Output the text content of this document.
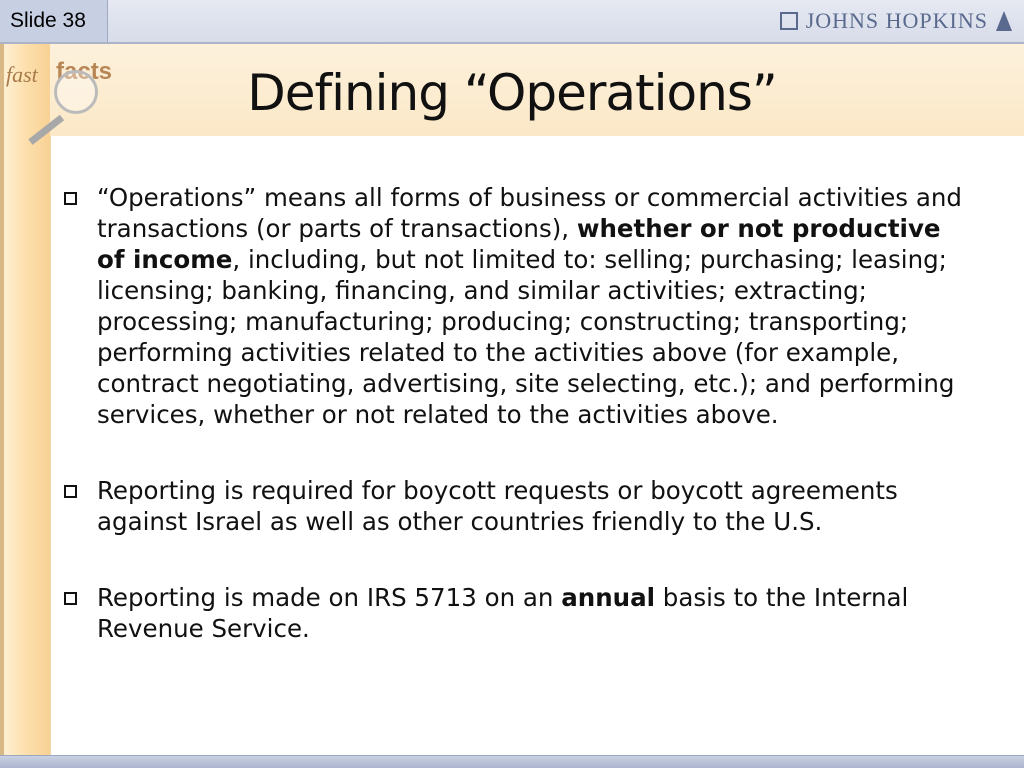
Slide 38	JOHNS HOPKINS
fast facts	Defining “Operations”
“Operations” means all forms of business or commercial activities and transactions (or parts of transactions), whether or not productive of income, including, but not limited to: selling; purchasing; leasing; licensing; banking, financing, and similar activities; extracting; processing; manufacturing; producing; constructing; transporting; performing activities related to the activities above (for example, contract negotiating, advertising, site selecting, etc.); and performing services, whether or not related to the activities above.
Reporting is required for boycott requests or boycott agreements against Israel as well as other countries friendly to the U.S.
Reporting is made on IRS 5713 on an annual basis to the Internal Revenue Service.
